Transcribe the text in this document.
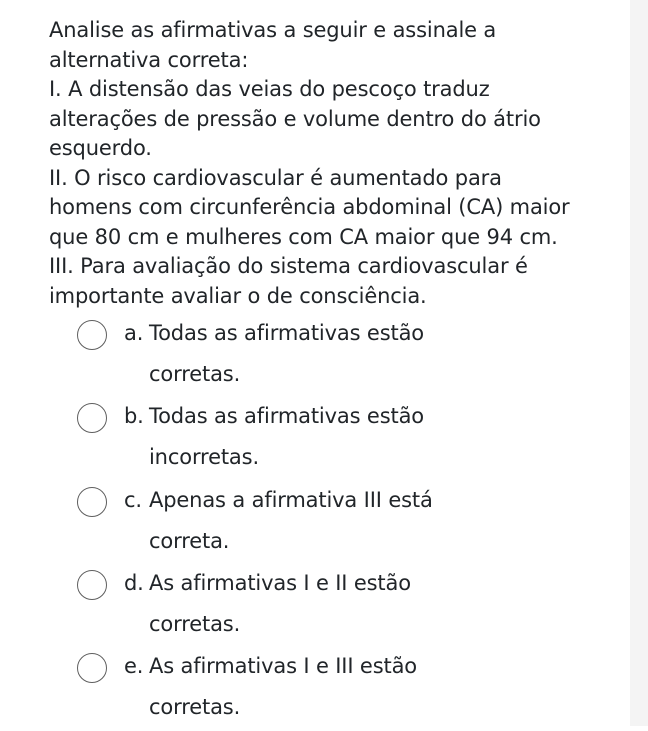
Analise as afirmativas a seguir e assinale a
alternativa correta:
I. A distensão das veias do pescoço traduz
alterações de pressão e volume dentro do átrio
esquerdo.
II. O risco cardiovascular é aumentado para
homens com circunferência abdominal (CA) maior
que 80 cm e mulheres com CA maior que 94 cm.
III. Para avaliação do sistema cardiovascular é
importante avaliar o de consciência.
a. Todas as afirmativas estão
corretas.
b. Todas as afirmativas estão
incorretas.
c. Apenas a afirmativa III está
correta.
d. As afirmativas I e II estão
corretas.
e. As afirmativas I e III estão
corretas.
